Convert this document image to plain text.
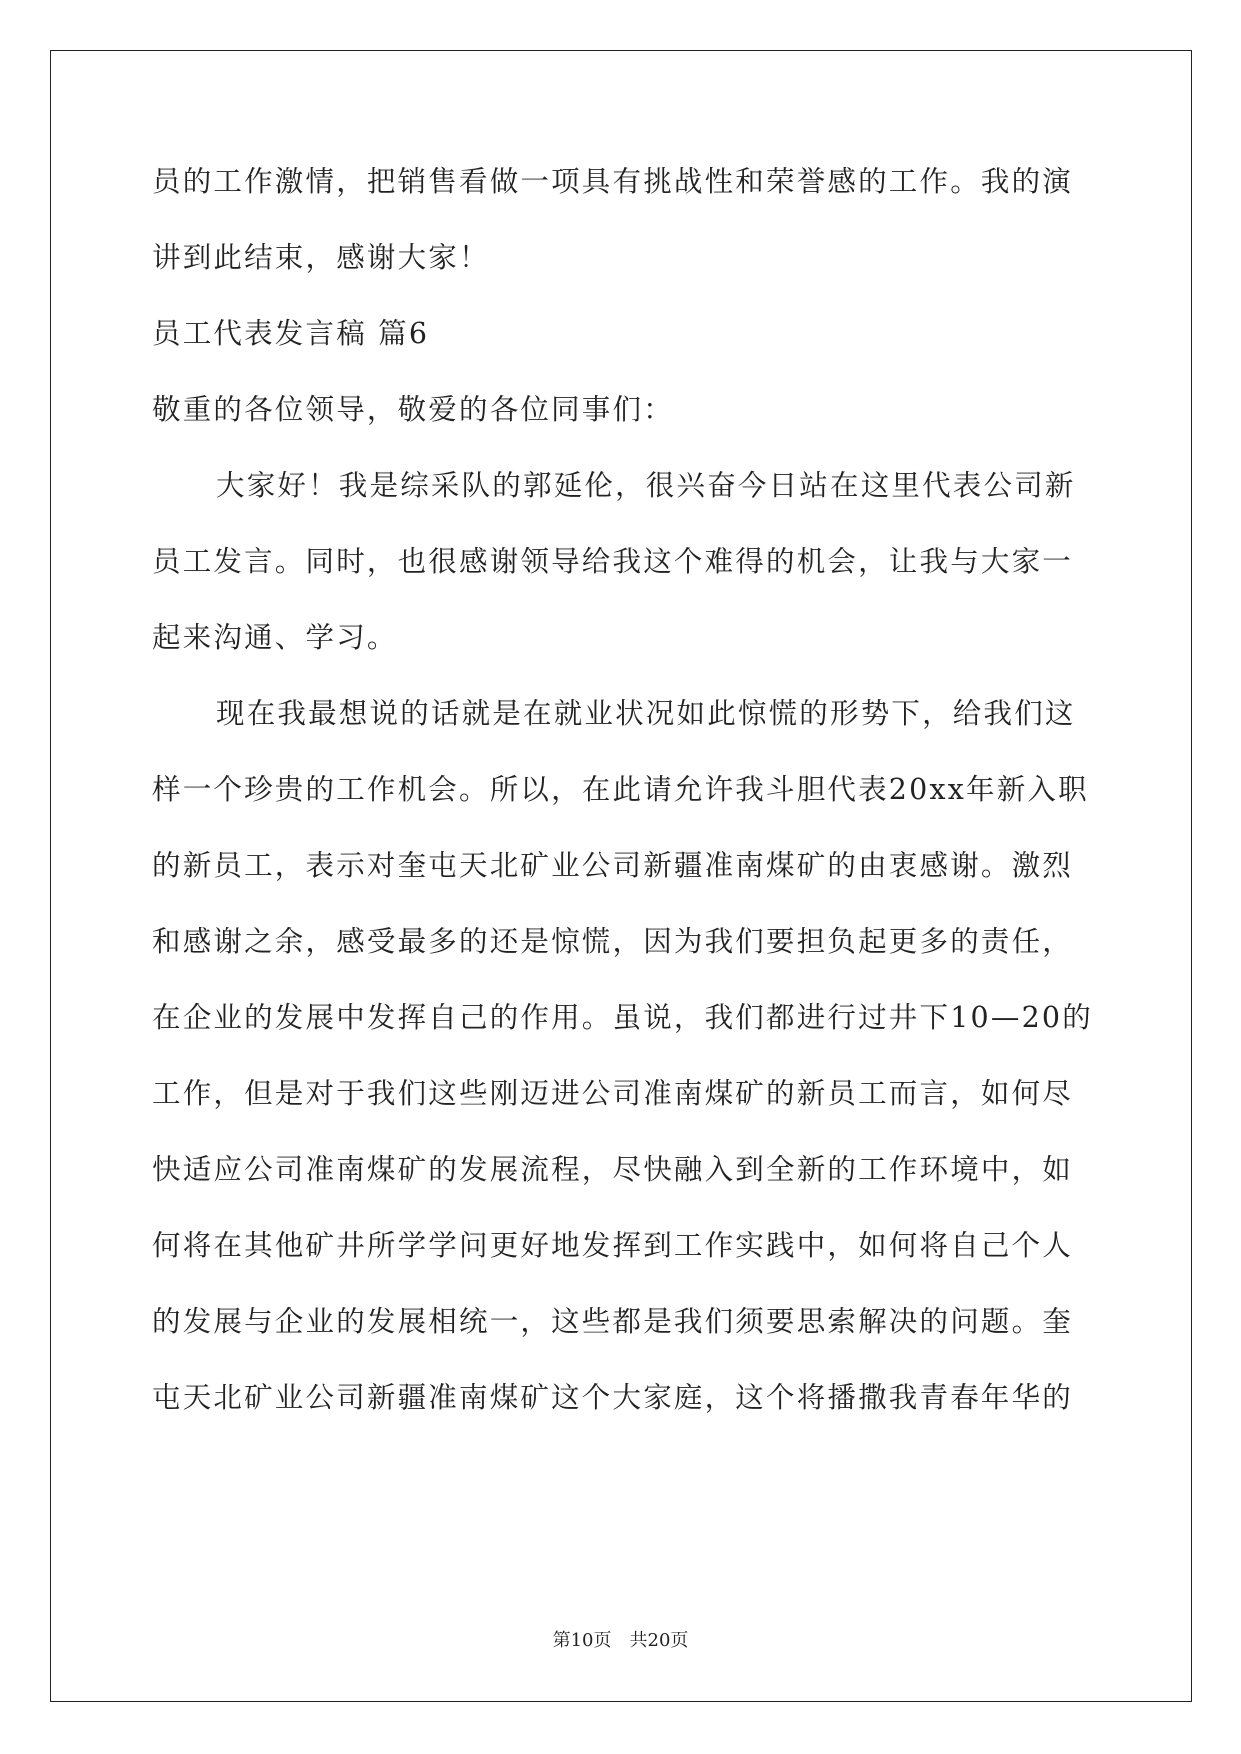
员的工作激情，把销售看做一项具有挑战性和荣誉感的工作。我的演
讲到此结束，感谢大家！
员工代表发言稿 篇6
敬重的各位领导，敬爱的各位同事们：
大家好！我是综采队的郭延伦，很兴奋今日站在这里代表公司新
员工发言。同时，也很感谢领导给我这个难得的机会，让我与大家一
起来沟通、学习。
现在我最想说的话就是在就业状况如此惊慌的形势下，给我们这
样一个珍贵的工作机会。所以，在此请允许我斗胆代表20xx年新入职
的新员工，表示对奎屯天北矿业公司新疆准南煤矿的由衷感谢。激烈
和感谢之余，感受最多的还是惊慌，因为我们要担负起更多的责任，
在企业的发展中发挥自己的作用。虽说，我们都进行过井下10—20的
工作，但是对于我们这些刚迈进公司准南煤矿的新员工而言，如何尽
快适应公司准南煤矿的发展流程，尽快融入到全新的工作环境中，如
何将在其他矿井所学学问更好地发挥到工作实践中，如何将自己个人
的发展与企业的发展相统一，这些都是我们须要思索解决的问题。奎
屯天北矿业公司新疆准南煤矿这个大家庭，这个将播撒我青春年华的
第10页 共20页
